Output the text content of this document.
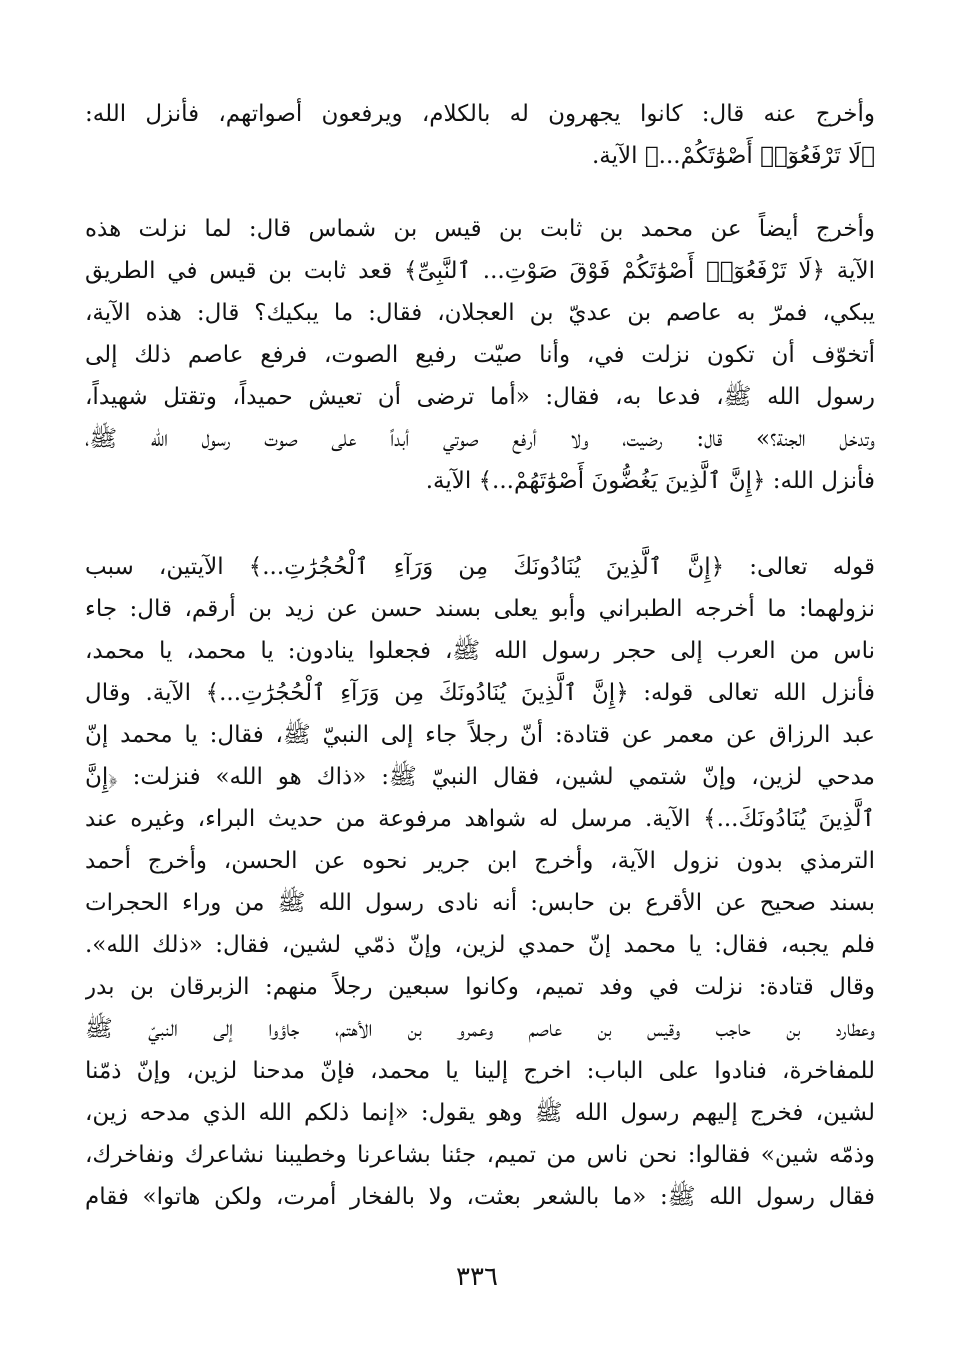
وأخرج عنه قال: كانوا يجهرون له بالكلام، ويرفعون أصواتهم، فأنزل الله:
﴿لَا تَرْفَعُوٓا۟ أَصْوَٰتَكُمْ...﴾ الآية.
وأخرج أيضاً عن محمد بن ثابت بن قيس بن شماس قال: لما نزلت هذه
الآية ﴿لَا تَرْفَعُوٓا۟ أَصْوَٰتَكُمْ فَوْقَ صَوْتِ... ٱلنَّبِىِّ﴾ قعد ثابت بن قيس في الطريق
يبكي، فمرّ به عاصم بن عديّ بن العجلان، فقال: ما يبكيك؟ قال: هذه الآية،
أتخوّف أن تكون نزلت في، وأنا صيّت رفيع الصوت، فرفع عاصم ذلك إلى
رسول الله ﷺ، فدعا به، فقال: «أما ترضى أن تعيش حميداً، وتقتل شهيداً،
وتدخل الجنة؟» قال: رضيت، ولا أرفع صوتي أبداً على صوت رسول الله ﷺ،
فأنزل الله: ﴿إِنَّ ٱلَّذِينَ يَغُضُّونَ أَصْوَٰتَهُمْ...﴾ الآية.
قوله تعالى: ﴿إِنَّ ٱلَّذِينَ يُنَادُونَكَ مِن وَرَآءِ ٱلْحُجُرَٰتِ...﴾ الآيتين، سبب
نزولهما: ما أخرجه الطبراني وأبو يعلى بسند حسن عن زيد بن أرقم، قال: جاء
ناس من العرب إلى حجر رسول الله ﷺ، فجعلوا ينادون: يا محمد، يا محمد،
فأنزل الله تعالى قوله: ﴿إِنَّ ٱلَّذِينَ يُنَادُونَكَ مِن وَرَآءِ ٱلْحُجُرَٰتِ...﴾ الآية. وقال
عبد الرزاق عن معمر عن قتادة: أنّ رجلاً جاء إلى النبيّ ﷺ، فقال: يا محمد إنّ
مدحي لزين، وإنّ شتمي لشين، فقال النبيّ ﷺ: «ذاك هو الله» فنزلت: ﴿إِنَّ
ٱلَّذِينَ يُنَادُونَكَ...﴾ الآية. مرسل له شواهد مرفوعة من حديث البراء، وغيره عند
الترمذي بدون نزول الآية، وأخرج ابن جرير نحوه عن الحسن، وأخرج أحمد
بسند صحيح عن الأقرع بن حابس: أنه نادى رسول الله ﷺ من وراء الحجرات
فلم يجبه، فقال: يا محمد إنّ حمدي لزين، وإنّ ذمّي لشين، فقال: «ذلك الله».
وقال قتادة: نزلت في وفد تميم، وكانوا سبعين رجلاً منهم: الزبرقان بن بدر
وعطارد بن حاجب وقيس بن عاصم وعمرو بن الأهتم، جاؤوا إلى النبيّ ﷺ
للمفاخرة، فنادوا على الباب: اخرج إلينا يا محمد، فإنّ مدحنا لزين، وإنّ ذمّنا
لشين، فخرج إليهم رسول الله ﷺ وهو يقول: «إنما ذلكم الله الذي مدحه زين،
وذمّه شين» فقالوا: نحن ناس من تميم، جئنا بشاعرنا وخطيبنا نشاعرك ونفاخرك،
فقال رسول الله ﷺ: «ما بالشعر بعثت، ولا بالفخار أمرت، ولكن هاتوا» فقام
٣٣٦
